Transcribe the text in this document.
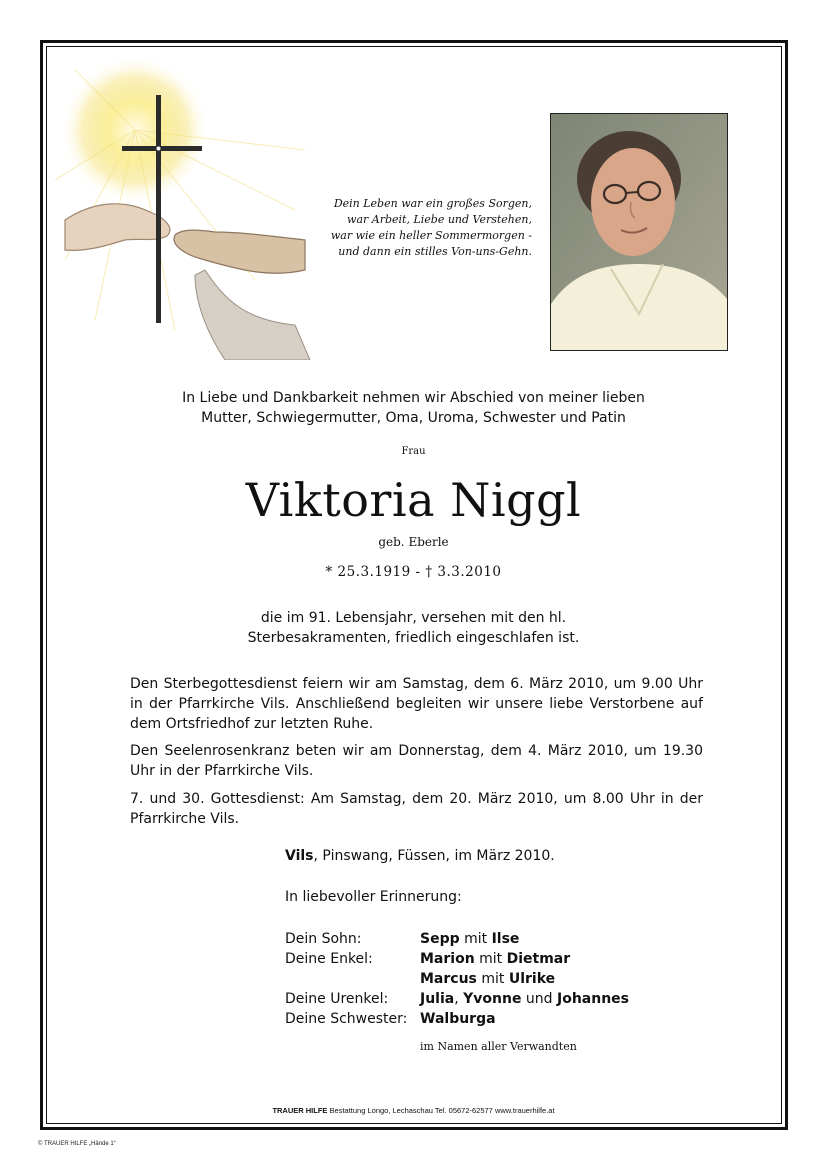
Dein Leben war ein großes Sorgen,
war Arbeit, Liebe und Verstehen,
war wie ein heller Sommermorgen -
und dann ein stilles Von-uns-Gehn.
In Liebe und Dankbarkeit nehmen wir Abschied von meiner lieben
Mutter, Schwiegermutter, Oma, Uroma, Schwester und Patin
Frau
Viktoria Niggl
geb. Eberle
* 25.3.1919 - † 3.3.2010
die im 91. Lebensjahr, versehen mit den hl.
Sterbesakramenten, friedlich eingeschlafen ist.
Den Sterbegottesdienst feiern wir am Samstag, dem 6. März 2010, um 9.00 Uhr in der Pfarrkirche Vils. Anschließend begleiten wir unsere liebe Verstorbene auf dem Ortsfriedhof zur letzten Ruhe.
Den Seelenrosenkranz beten wir am Donnerstag, dem 4. März 2010, um 19.30 Uhr in der Pfarrkirche Vils.
7. und 30. Gottesdienst: Am Samstag, dem 20. März 2010, um 8.00 Uhr in der Pfarrkirche Vils.
Vils, Pinswang, Füssen, im März 2010.
In liebevoller Erinnerung:
Dein Sohn:	Sepp mit Ilse
Deine Enkel:	Marion mit Dietmar
Marcus mit Ulrike
Deine Urenkel: Julia, Yvonne und Johannes
Deine Schwester: Walburga
im Namen aller Verwandten
TRAUER HILFE Bestattung Longo, Lechaschau Tel. 05672-62577 www.trauerhilfe.at
© TRAUER HILFE „Hände 1“
